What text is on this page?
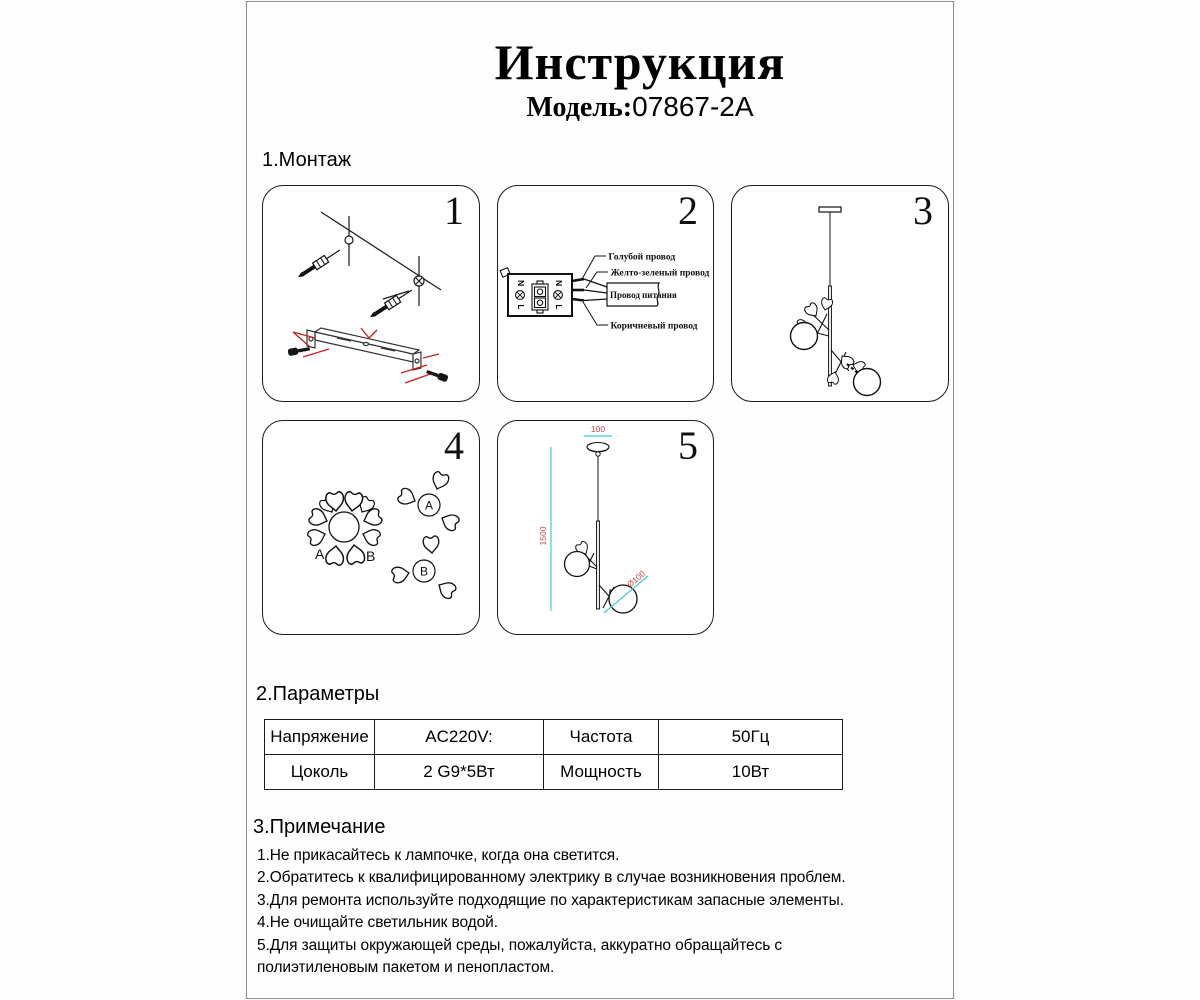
Инструкция
Модель:07867-2A
1.Монтаж
1	2
N
L
N
L
Голубой провод
Желто-зеленый провод
Провод питания
Коричневый провод
3
4
A	B
A
B
5
100
1500
Ø100
2.Параметры
Напряжение	AC220V:	Частота	50Гц
Цоколь	2 G9*5Вт	Мощность	10Вт
3.Примечание
1.Не прикасайтесь к лампочке, когда она светится.
2.Обратитесь к квалифицированному электрику в случае возникновения проблем.
3.Для ремонта используйте подходящие по характеристикам запасные элементы.
4.Не очищайте светильник водой.
5.Для защиты окружающей среды, пожалуйста, аккуратно обращайтесь с
полиэтиленовым пакетом и пенопластом.
